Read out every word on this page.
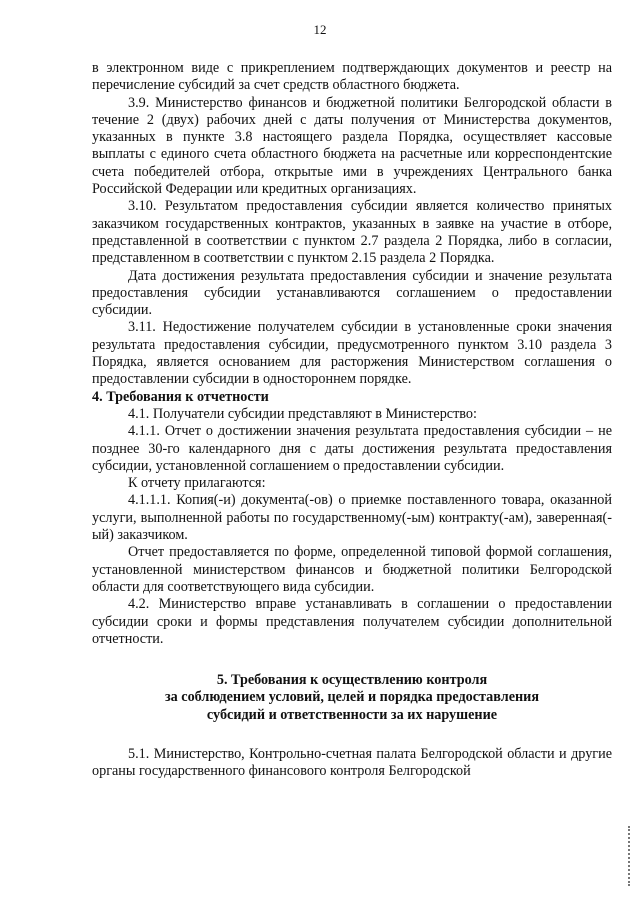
12

в электронном виде с прикреплением подтверждающих документов и реестр на перечисление субсидий за счет средств областного бюджета.

3.9. Министерство финансов и бюджетной политики Белгородской области в течение 2 (двух) рабочих дней с даты получения от Министерства документов, указанных в пункте 3.8 настоящего раздела Порядка, осуществляет кассовые выплаты с единого счета областного бюджета на расчетные или корреспондентские счета победителей отбора, открытые ими в учреждениях Центрального банка Российской Федерации или кредитных организациях.

3.10. Результатом предоставления субсидии является количество принятых заказчиком государственных контрактов, указанных в заявке на участие в отборе, представленной в соответствии с пунктом 2.7 раздела 2 Порядка, либо в согласии, представленном в соответствии с пунктом 2.15 раздела 2 Порядка.

Дата достижения результата предоставления субсидии и значение результата предоставления субсидии устанавливаются соглашением о предоставлении субсидии.

3.11. Недостижение получателем субсидии в установленные сроки значения результата предоставления субсидии, предусмотренного пунктом 3.10 раздела 3 Порядка, является основанием для расторжения Министерством соглашения о предоставлении субсидии в одностороннем порядке.

4. Требования к отчетности

4.1. Получатели субсидии представляют в Министерство:

4.1.1. Отчет о достижении значения результата предоставления субсидии – не позднее 30-го календарного дня с даты достижения результата предоставления субсидии, установленной соглашением о предоставлении субсидии.

К отчету прилагаются:

4.1.1.1. Копия(-и) документа(-ов) о приемке поставленного товара, оказанной услуги, выполненной работы по государственному(-ым) контракту(-ам), заверенная(-ый) заказчиком.

Отчет предоставляется по форме, определенной типовой формой соглашения, установленной министерством финансов и бюджетной политики Белгородской области для соответствующего вида субсидии.

4.2. Министерство вправе устанавливать в соглашении о предоставлении субсидии сроки и формы представления получателем субсидии дополнительной отчетности.

5. Требования к осуществлению контроля
за соблюдением условий, целей и порядка предоставления
субсидий и ответственности за их нарушение

5.1. Министерство, Контрольно-счетная палата Белгородской области и другие органы государственного финансового контроля Белгородской
